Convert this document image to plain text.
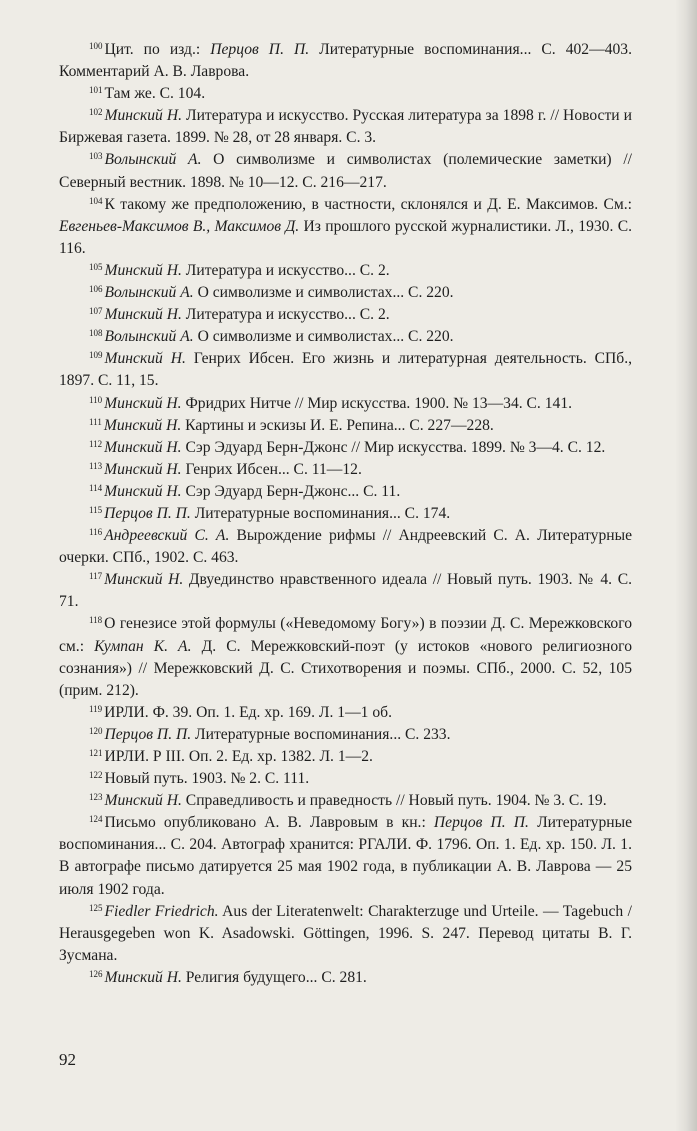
$^{100}$ Цит. по изд.: Перцов П. П. Литературные воспоминания... С. 402—403. Комментарий А. В. Лаврова.

$^{101}$ Там же. С. 104.

$^{102}$ Минский Н. Литература и искусство. Русская литература за 1898 г. // Новости и Биржевая газета. 1899. № 28, от 28 января. С. 3.

$^{103}$ Волынский А. О символизме и символистах (полемические заметки) // Северный вестник. 1898. № 10—12. С. 216—217.

$^{104}$ К такому же предположению, в частности, склонялся и Д. Е. Максимов. См.: Евгеньев-Максимов В., Максимов Д. Из прошлого русской журналистики. Л., 1930. С. 116.

$^{105}$ Минский Н. Литература и искусство... С. 2.

$^{106}$ Волынский А. О символизме и символистах... С. 220.

$^{107}$ Минский Н. Литература и искусство... С. 2.

$^{108}$ Волынский А. О символизме и символистах... С. 220.

$^{109}$ Минский Н. Генрих Ибсен. Его жизнь и литературная деятельность. СПб., 1897. С. 11, 15.

$^{110}$ Минский Н. Фридрих Нитче // Мир искусства. 1900. № 13—34. С. 141.

$^{111}$ Минский Н. Картины и эскизы И. Е. Репина... С. 227—228.

$^{112}$ Минский Н. Сэр Эдуард Берн-Джонс // Мир искусства. 1899. № 3—4. С. 12.

$^{113}$ Минский Н. Генрих Ибсен... С. 11—12.

$^{114}$ Минский Н. Сэр Эдуард Берн-Джонс... С. 11.

$^{115}$ Перцов П. П. Литературные воспоминания... С. 174.

$^{116}$ Андреевский С. А. Вырождение рифмы // Андреевский С. А. Литературные очерки. СПб., 1902. С. 463.

$^{117}$ Минский Н. Двуединство нравственного идеала // Новый путь. 1903. № 4. С. 71.

$^{118}$ О генезисе этой формулы («Неведомому Богу») в поэзии Д. С. Мережковского см.: Кумпан К. А. Д. С. Мережковский-поэт (у истоков «нового религиозного сознания») // Мережковский Д. С. Стихотворения и поэмы. СПб., 2000. С. 52, 105 (прим. 212).

$^{119}$ ИРЛИ. Ф. 39. Оп. 1. Ед. хр. 169. Л. 1—1 об.

$^{120}$ Перцов П. П. Литературные воспоминания... С. 233.

$^{121}$ ИРЛИ. Р III. Оп. 2. Ед. хр. 1382. Л. 1—2.

$^{122}$ Новый путь. 1903. № 2. С. 111.

$^{123}$ Минский Н. Справедливость и праведность // Новый путь. 1904. № 3. С. 19.

$^{124}$ Письмо опубликовано А. В. Лавровым в кн.: Перцов П. П. Литературные воспоминания... С. 204. Автограф хранится: РГАЛИ. Ф. 1796. Оп. 1. Ед. хр. 150. Л. 1. В автографе письмо датируется 25 мая 1902 года, в публикации А. В. Лаврова — 25 июля 1902 года.

$^{125}$ Fiedler Friedrich. Aus der Literatenwelt: Charakterzuge und Urteile. — Tagebuch / Herausgegeben won K. Asadowski. Göttingen, 1996. S. 247. Перевод цитаты В. Г. Зусмана.

$^{126}$ Минский Н. Религия будущего... С. 281.

92
